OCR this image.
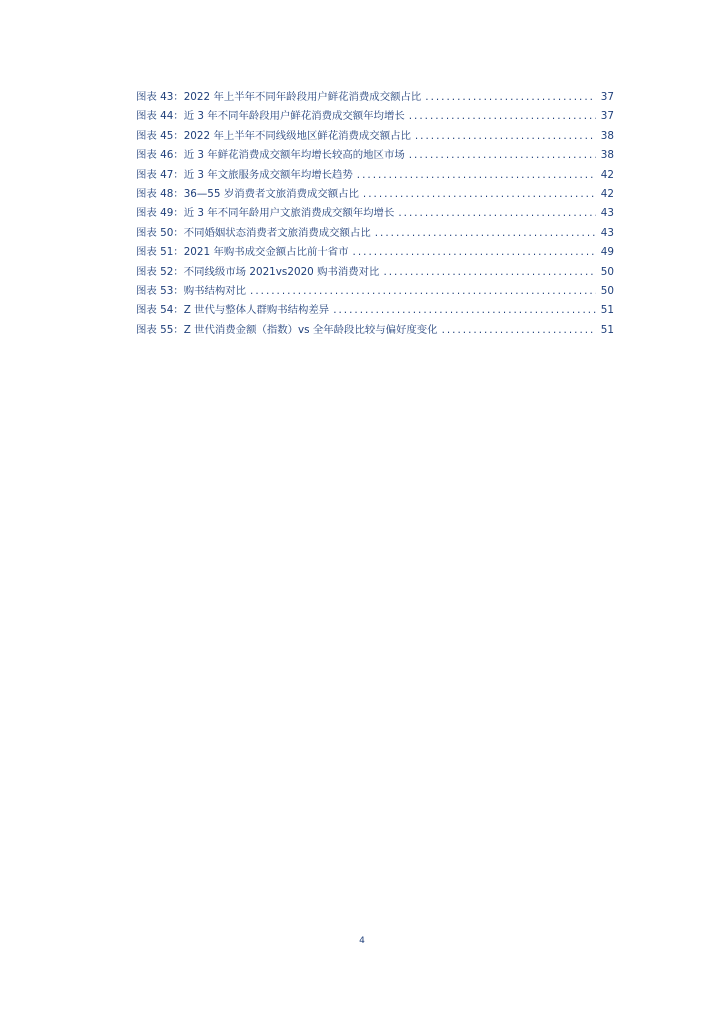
图表 43：2022 年上半年不同年龄段用户鲜花消费成交额占比 .....	37
图表 44：近 3 年不同年龄段用户鲜花消费成交额年均增长 .....	37
图表 45：2022 年上半年不同线级地区鲜花消费成交额占比 .....	38
图表 46：近 3 年鲜花消费成交额年均增长较高的地区市场 .....	38
图表 47：近 3 年文旅服务成交额年均增长趋势 .....	42
图表 48：36—55 岁消费者文旅消费成交额占比 .....	42
图表 49：近 3 年不同年龄用户文旅消费成交额年均增长 .....	43
图表 50：不同婚姻状态消费者文旅消费成交额占比 .....	43
图表 51：2021 年购书成交金额占比前十省市 .....	49
图表 52：不同线级市场 2021vs2020 购书消费对比 .....	50
图表 53：购书结构对比 .....	50
图表 54：Z 世代与整体人群购书结构差异 .....	51
图表 55：Z 世代消费金额（指数）vs 全年龄段比较与偏好度变化 .....	51
4
